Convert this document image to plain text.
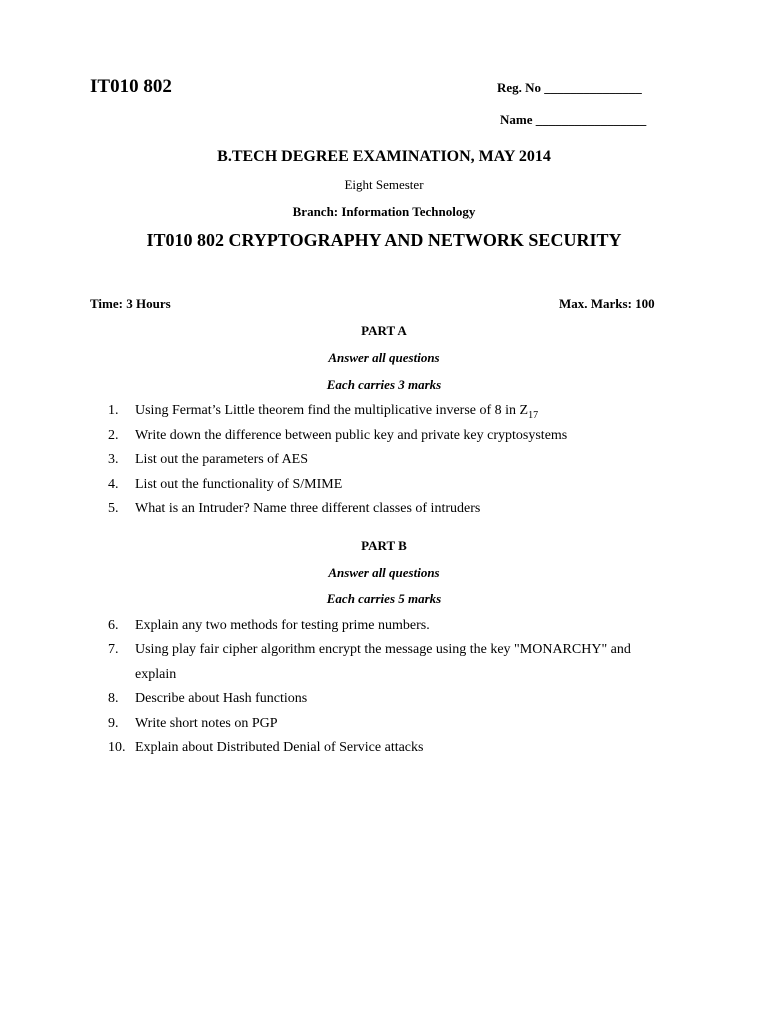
IT010 802	Reg. No _______________
Name _________________
B.TECH DEGREE EXAMINATION, MAY 2014
Eight Semester
Branch: Information Technology
IT010 802 CRYPTOGRAPHY AND NETWORK SECURITY
Time: 3 Hours	Max. Marks: 100
PART A
Answer all questions
Each carries 3 marks
1. Using Fermat’s Little theorem find the multiplicative inverse of 8 in $Z_{17}$
2. Write down the difference between public key and private key cryptosystems
3. List out the parameters of AES
4. List out the functionality of S/MIME
5. What is an Intruder? Name three different classes of intruders
PART B
Answer all questions
Each carries 5 marks
6. Explain any two methods for testing prime numbers.
7. Using play fair cipher algorithm encrypt the message using the key "MONARCHY" and
explain
8. Describe about Hash functions
9. Write short notes on PGP
10. Explain about Distributed Denial of Service attacks
